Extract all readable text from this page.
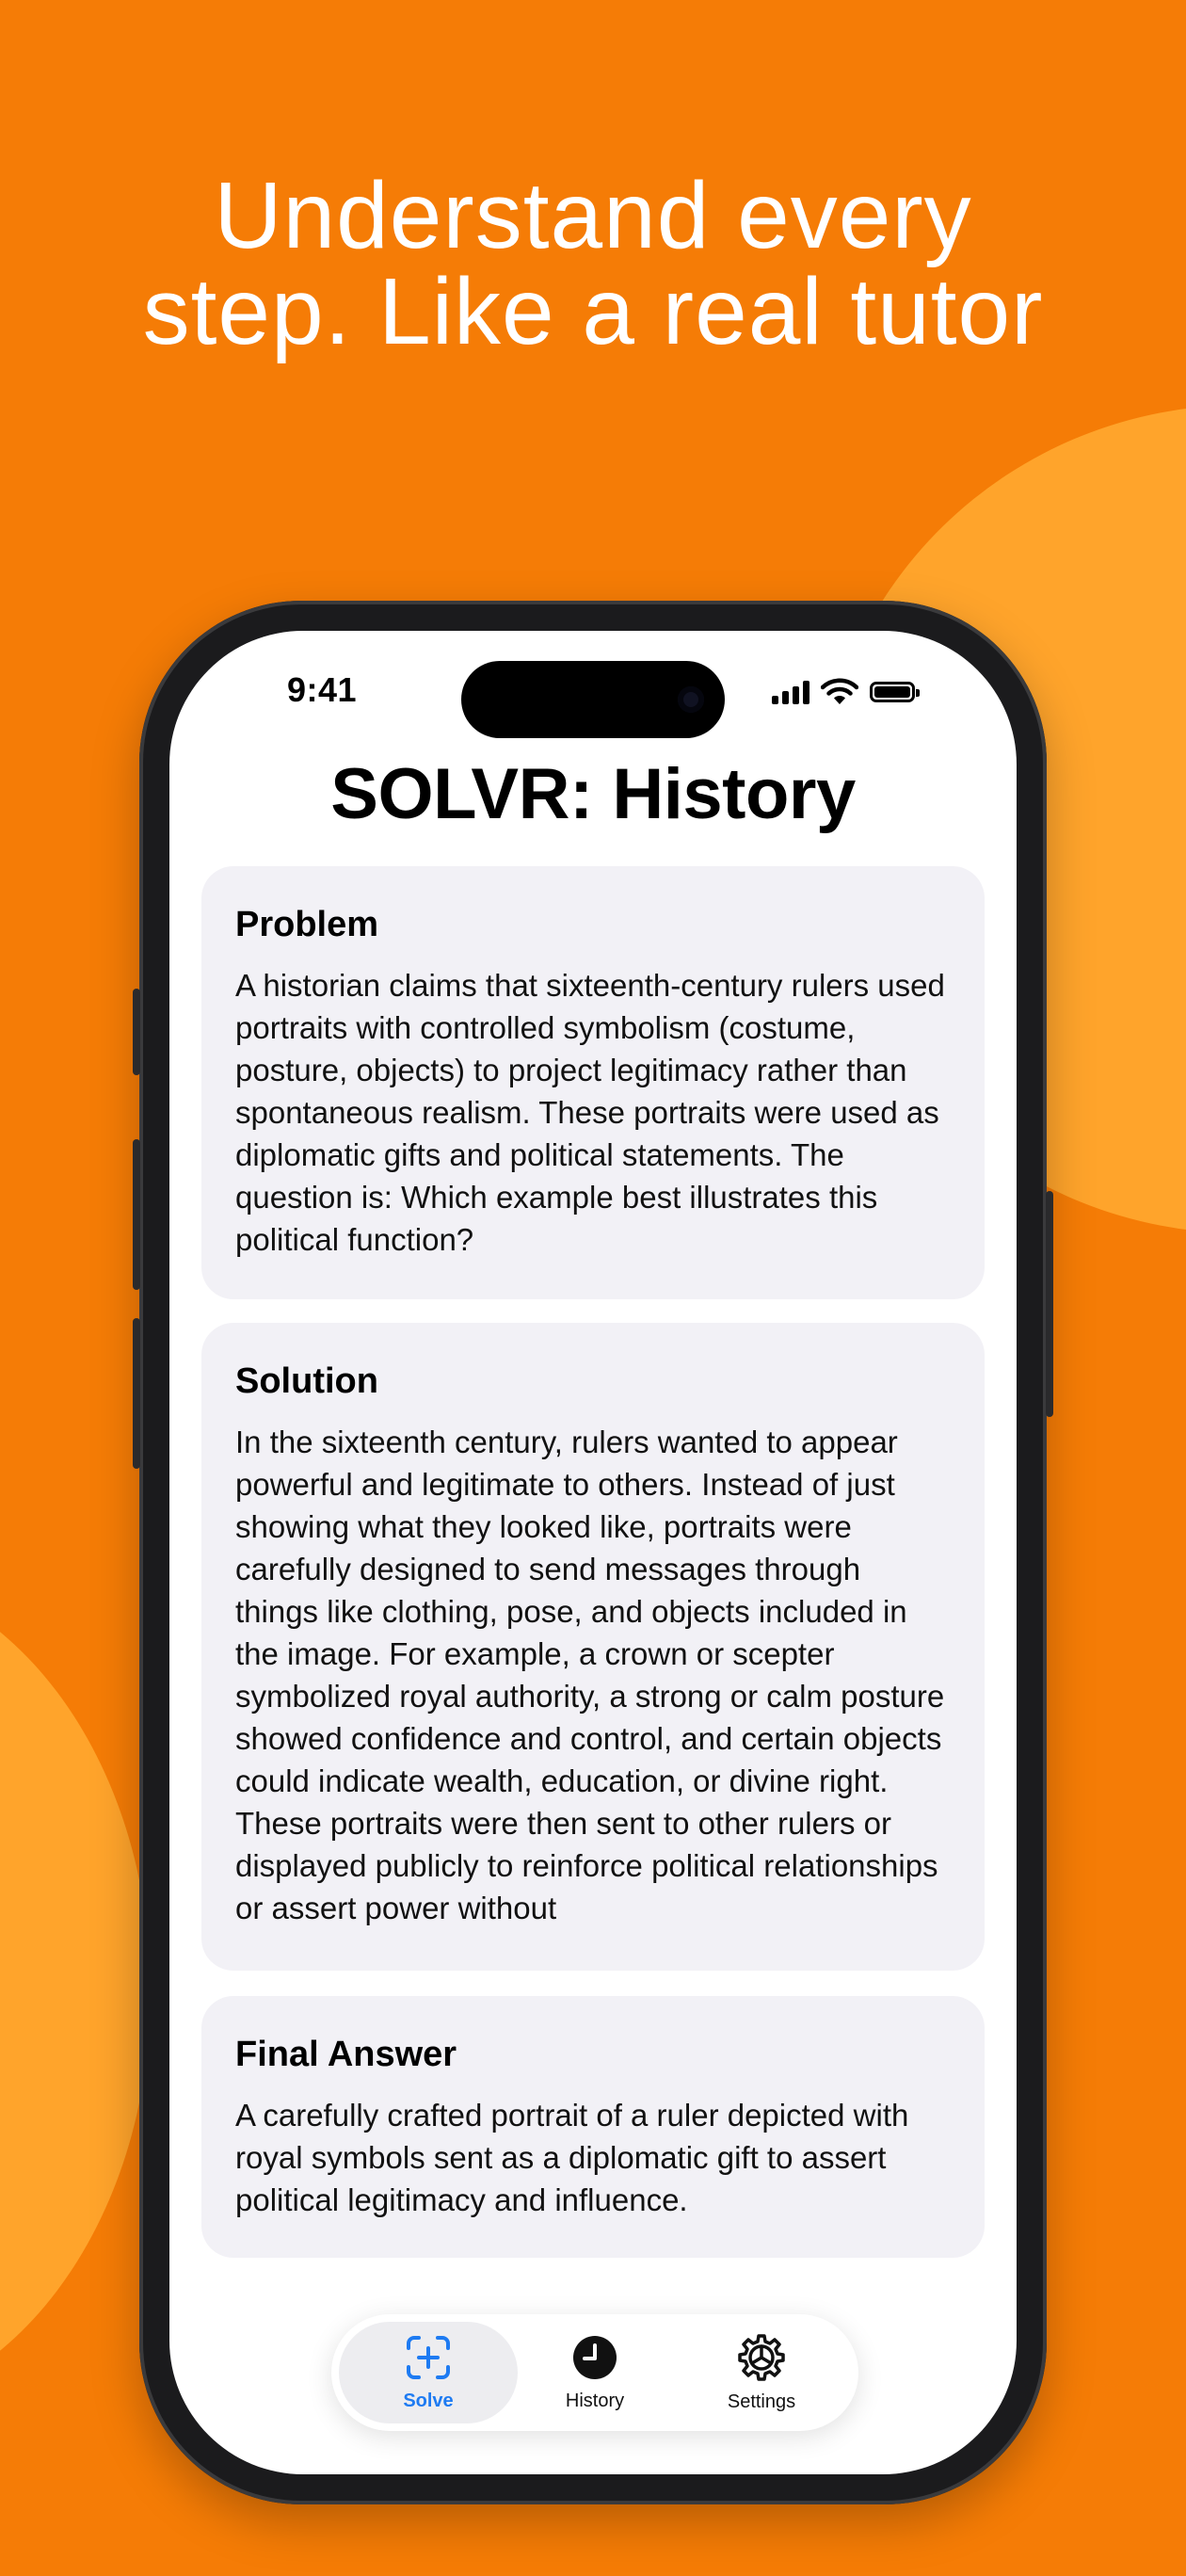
Understand every
step. Like a real tutor
9:41
SOLVR: History
Problem

A historian claims that sixteenth-century rulers used portraits with controlled symbolism (costume, posture, objects) to project legitimacy rather than spontaneous realism. These portraits were used as diplomatic gifts and political statements. The question is: Which example best illustrates this political function?

Solution

In the sixteenth century, rulers wanted to appear powerful and legitimate to others. Instead of just showing what they looked like, portraits were carefully designed to send messages through things like clothing, pose, and objects included in the image. For example, a crown or scepter symbolized royal authority, a strong or calm posture showed confidence and control, and certain objects could indicate wealth, education, or divine right. These portraits were then sent to other rulers or displayed publicly to reinforce political relationships or assert power without

Final Answer

A carefully crafted portrait of a ruler depicted with royal symbols sent as a diplomatic gift to assert political legitimacy and influence.

Solve	History	Settings
